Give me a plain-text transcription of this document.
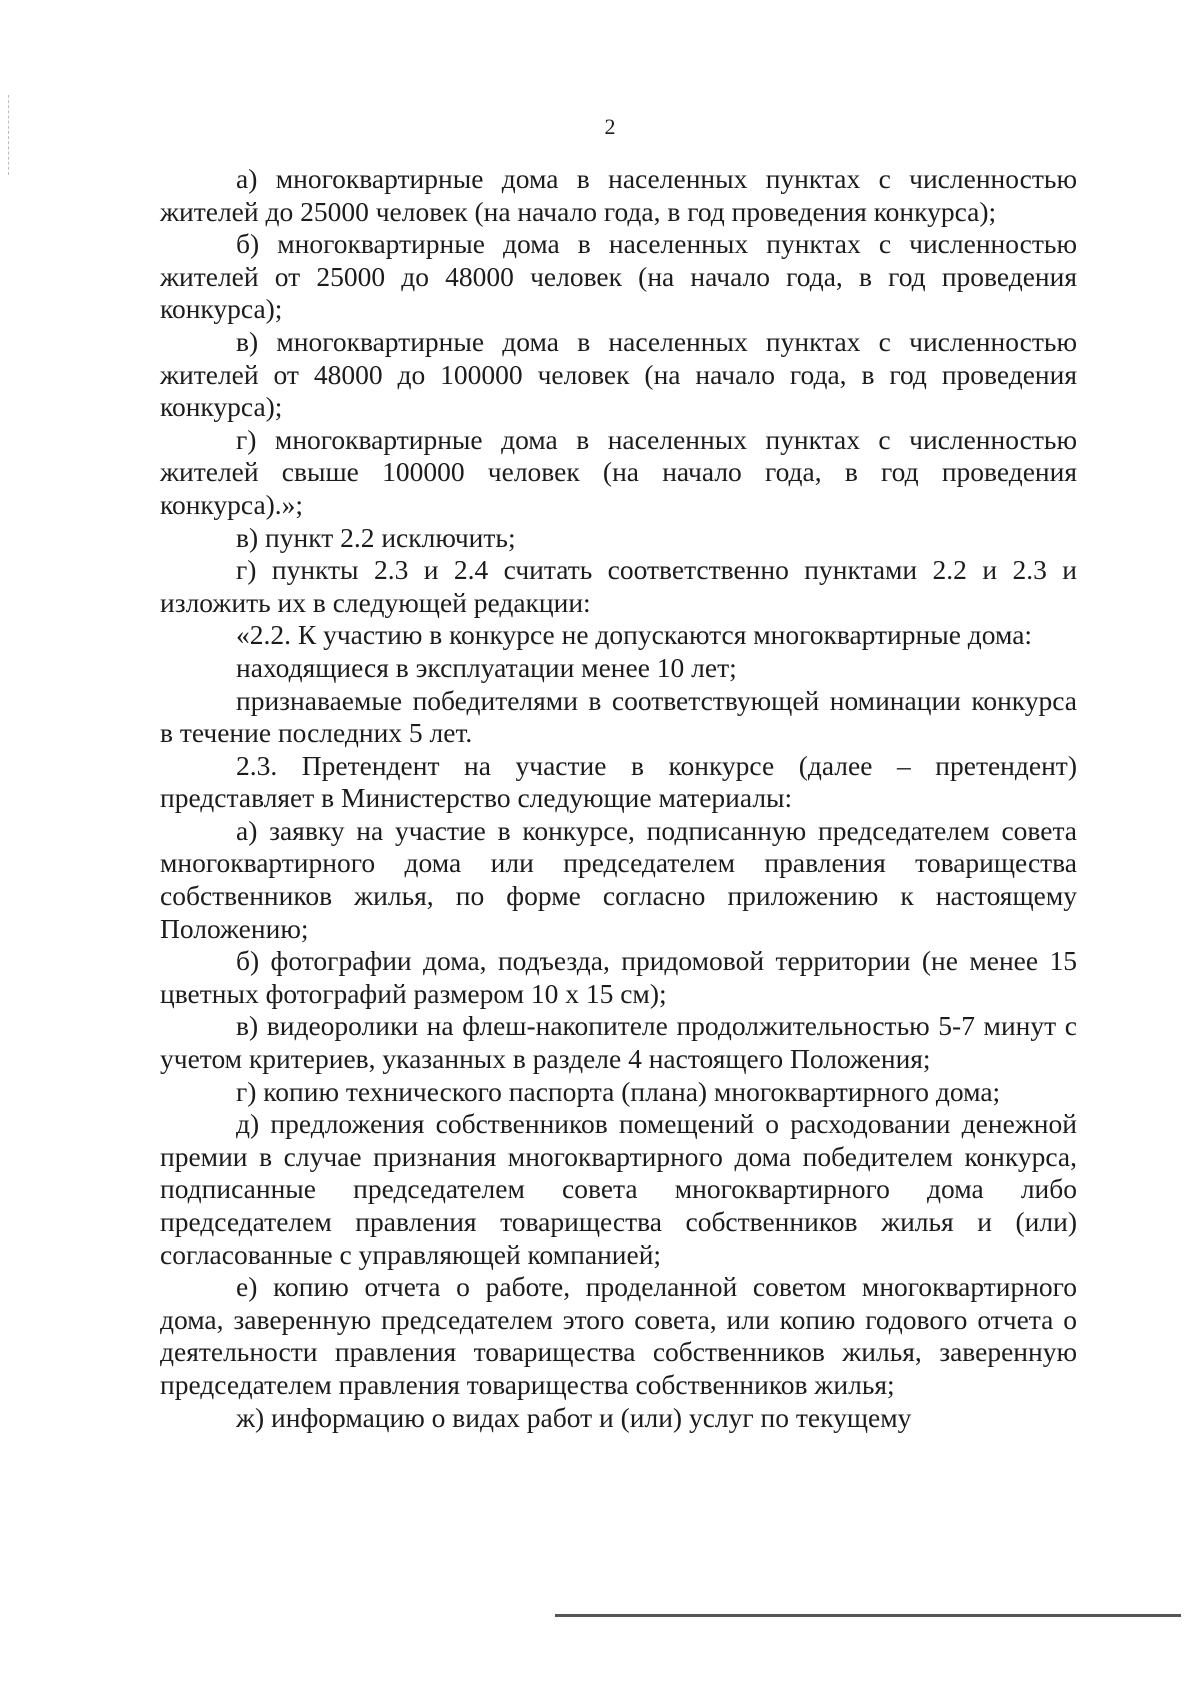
2

а) многоквартирные дома в населенных пунктах с численностью жителей до 25000 человек (на начало года, в год проведения конкурса);

б) многоквартирные дома в населенных пунктах с численностью жителей от 25000 до 48000 человек (на начало года, в год проведения конкурса);

в) многоквартирные дома в населенных пунктах с численностью жителей от 48000 до 100000 человек (на начало года, в год проведения конкурса);

г) многоквартирные дома в населенных пунктах с численностью жителей свыше 100000 человек (на начало года, в год проведения конкурса).»;

в) пункт 2.2 исключить;

г) пункты 2.3 и 2.4 считать соответственно пунктами 2.2 и 2.3 и изложить их в следующей редакции:

«2.2. К участию в конкурсе не допускаются многоквартирные дома:

находящиеся в эксплуатации менее 10 лет;

признаваемые победителями в соответствующей номинации конкурса в течение последних 5 лет.

2.3. Претендент на участие в конкурсе (далее – претендент) представляет в Министерство следующие материалы:

а) заявку на участие в конкурсе, подписанную председателем совета многоквартирного дома или председателем правления товарищества собственников жилья, по форме согласно приложению к настоящему Положению;

б) фотографии дома, подъезда, придомовой территории (не менее 15 цветных фотографий размером 10 х 15 см);

в) видеоролики на флеш-накопителе продолжительностью 5-7 минут с учетом критериев, указанных в разделе 4 настоящего Положения;

г) копию технического паспорта (плана) многоквартирного дома;

д) предложения собственников помещений о расходовании денежной премии в случае признания многоквартирного дома победителем конкурса, подписанные председателем совета многоквартирного дома либо председателем правления товарищества собственников жилья и (или) согласованные с управляющей компанией;

е) копию отчета о работе, проделанной советом многоквартирного дома, заверенную председателем этого совета, или копию годового отчета о деятельности правления товарищества собственников жилья, заверенную председателем правления товарищества собственников жилья;

ж) информацию о видах работ и (или) услуг по текущему
